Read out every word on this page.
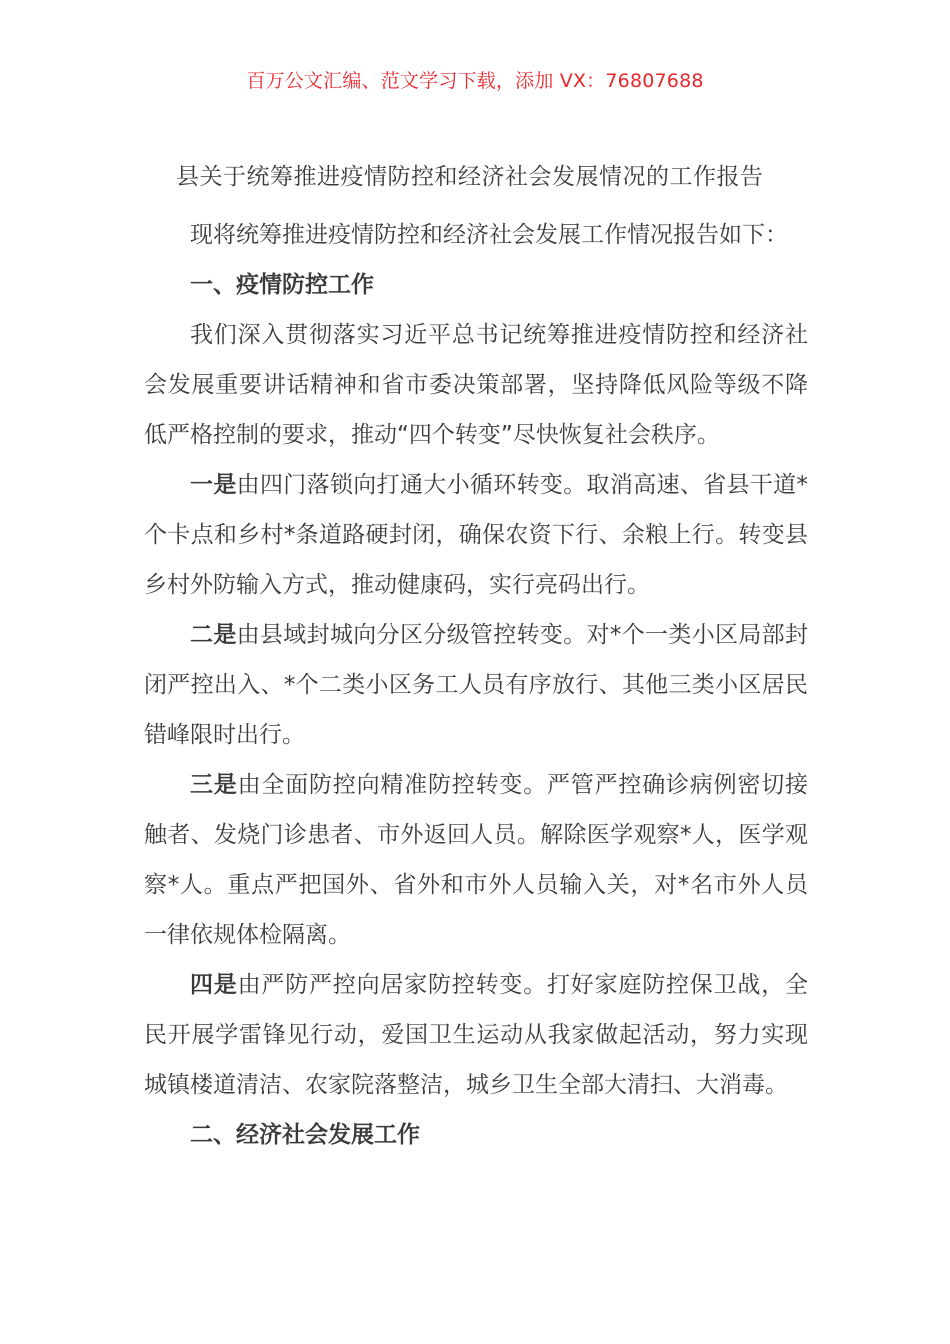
百万公文汇编、范文学习下载，添加 VX：76807688
县关于统筹推进疫情防控和经济社会发展情况的工作报告

现将统筹推进疫情防控和经济社会发展工作情况报告如下：

一、疫情防控工作

我们深入贯彻落实习近平总书记统筹推进疫情防控和经济社会发展重要讲话精神和省市委决策部署，坚持降低风险等级不降低严格控制的要求，推动“四个转变”尽快恢复社会秩序。

一是由四门落锁向打通大小循环转变。取消高速、省县干道*个卡点和乡村*条道路硬封闭，确保农资下行、余粮上行。转变县乡村外防输入方式，推动健康码，实行亮码出行。

二是由县域封城向分区分级管控转变。对*个一类小区局部封闭严控出入、*个二类小区务工人员有序放行、其他三类小区居民错峰限时出行。

三是由全面防控向精准防控转变。严管严控确诊病例密切接触者、发烧门诊患者、市外返回人员。解除医学观察*人，医学观察*人。重点严把国外、省外和市外人员输入关，对*名市外人员一律依规体检隔离。

四是由严防严控向居家防控转变。打好家庭防控保卫战，全民开展学雷锋见行动，爱国卫生运动从我家做起活动，努力实现城镇楼道清洁、农家院落整洁，城乡卫生全部大清扫、大消毒。

二、经济社会发展工作
